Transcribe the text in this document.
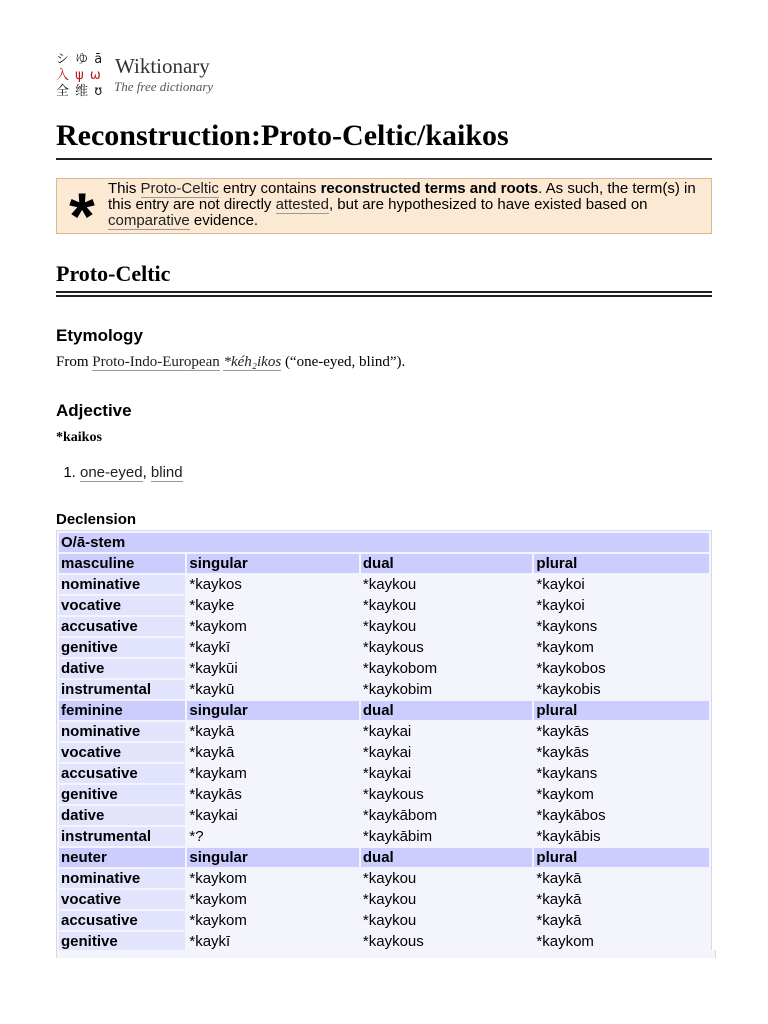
シ ゆ ā
入 ψ ω
全 维 ʊ
Wiktionary
The free dictionary
Reconstruction:Proto-Celtic/kaikos
* This Proto-Celtic entry contains reconstructed terms and roots. As such, the term(s) in this entry are not directly attested, but are hypothesized to have existed based on comparative evidence.
Proto-Celtic
Etymology
From Proto-Indo-European *kéh₂ikos (“one-eyed, blind”).
Adjective
*kaikos
1. one-eyed, blind
Declension
O/ā-stem			
masculine	singular	dual	plural
nominative	*kaykos	*kaykou	*kaykoi
vocative	*kayke	*kaykou	*kaykoi
accusative	*kaykom	*kaykou	*kaykons
genitive	*kaykī	*kaykous	*kaykom
dative	*kaykūi	*kaykobom	*kaykobos
instrumental	*kaykū	*kaykobim	*kaykobis
feminine	singular	dual	plural
nominative	*kaykā	*kaykai	*kaykās
vocative	*kaykā	*kaykai	*kaykās
accusative	*kaykam	*kaykai	*kaykans
genitive	*kaykās	*kaykous	*kaykom
dative	*kaykai	*kaykābom	*kaykābos
instrumental	*?	*kaykābim	*kaykābis
neuter	singular	dual	plural
nominative	*kaykom	*kaykou	*kaykā
vocative	*kaykom	*kaykou	*kaykā
accusative	*kaykom	*kaykou	*kaykā
genitive	*kaykī	*kaykous	*kaykom
